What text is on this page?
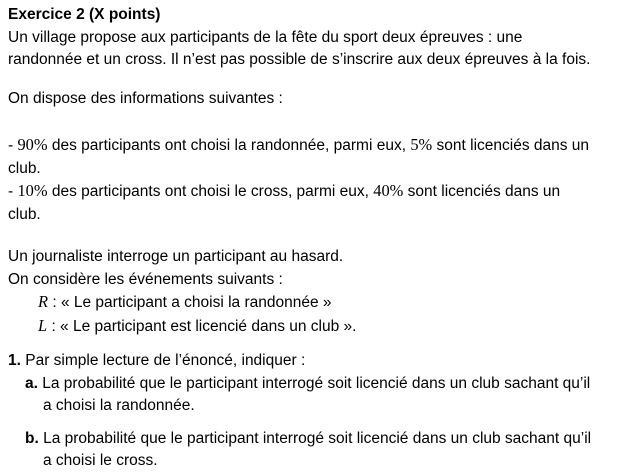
Exercice 2 (X points)
Un village propose aux participants de la fête du sport deux épreuves : une
randonnée et un cross. Il n’est pas possible de s’inscrire aux deux épreuves à la fois.
On dispose des informations suivantes :
- 90% des participants ont choisi la randonnée, parmi eux, 5% sont licenciés dans un
club.
- 10% des participants ont choisi le cross, parmi eux, 40% sont licenciés dans un
club.
Un journaliste interroge un participant au hasard.
On considère les événements suivants :
R : « Le participant a choisi la randonnée »
L : « Le participant est licencié dans un club ».
1. Par simple lecture de l’énoncé, indiquer :
a. La probabilité que le participant interrogé soit licencié dans un club sachant qu’il
a choisi la randonnée.
b. La probabilité que le participant interrogé soit licencié dans un club sachant qu’il
a choisi le cross.
